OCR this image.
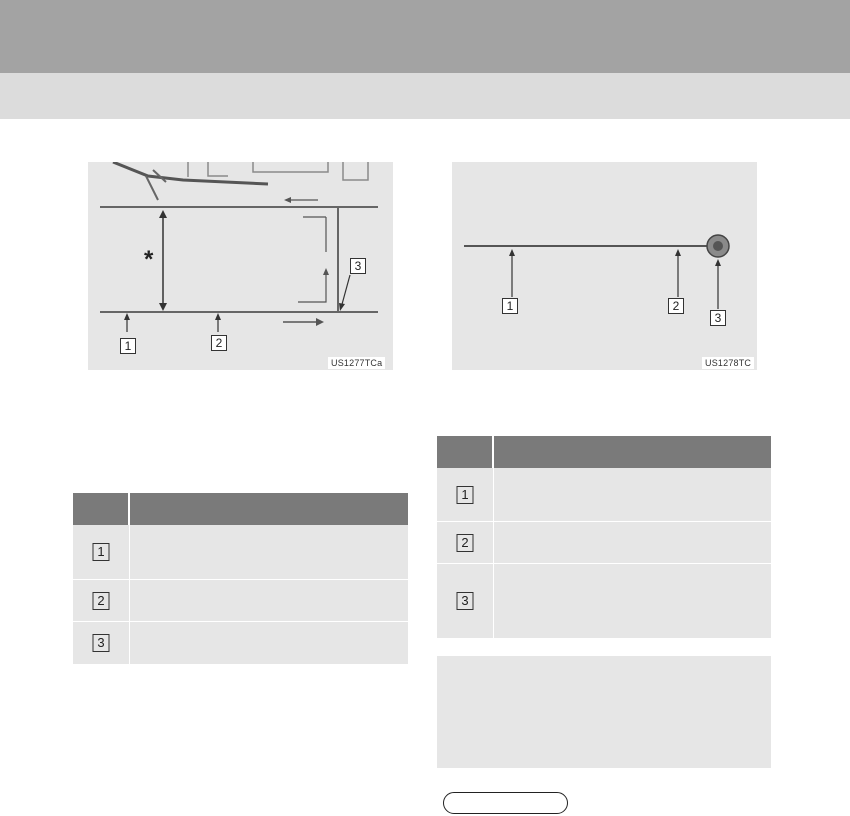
*
1	2
3
US1277TCa
1	2
3
US1278TC
1
2
3
1
2
3
